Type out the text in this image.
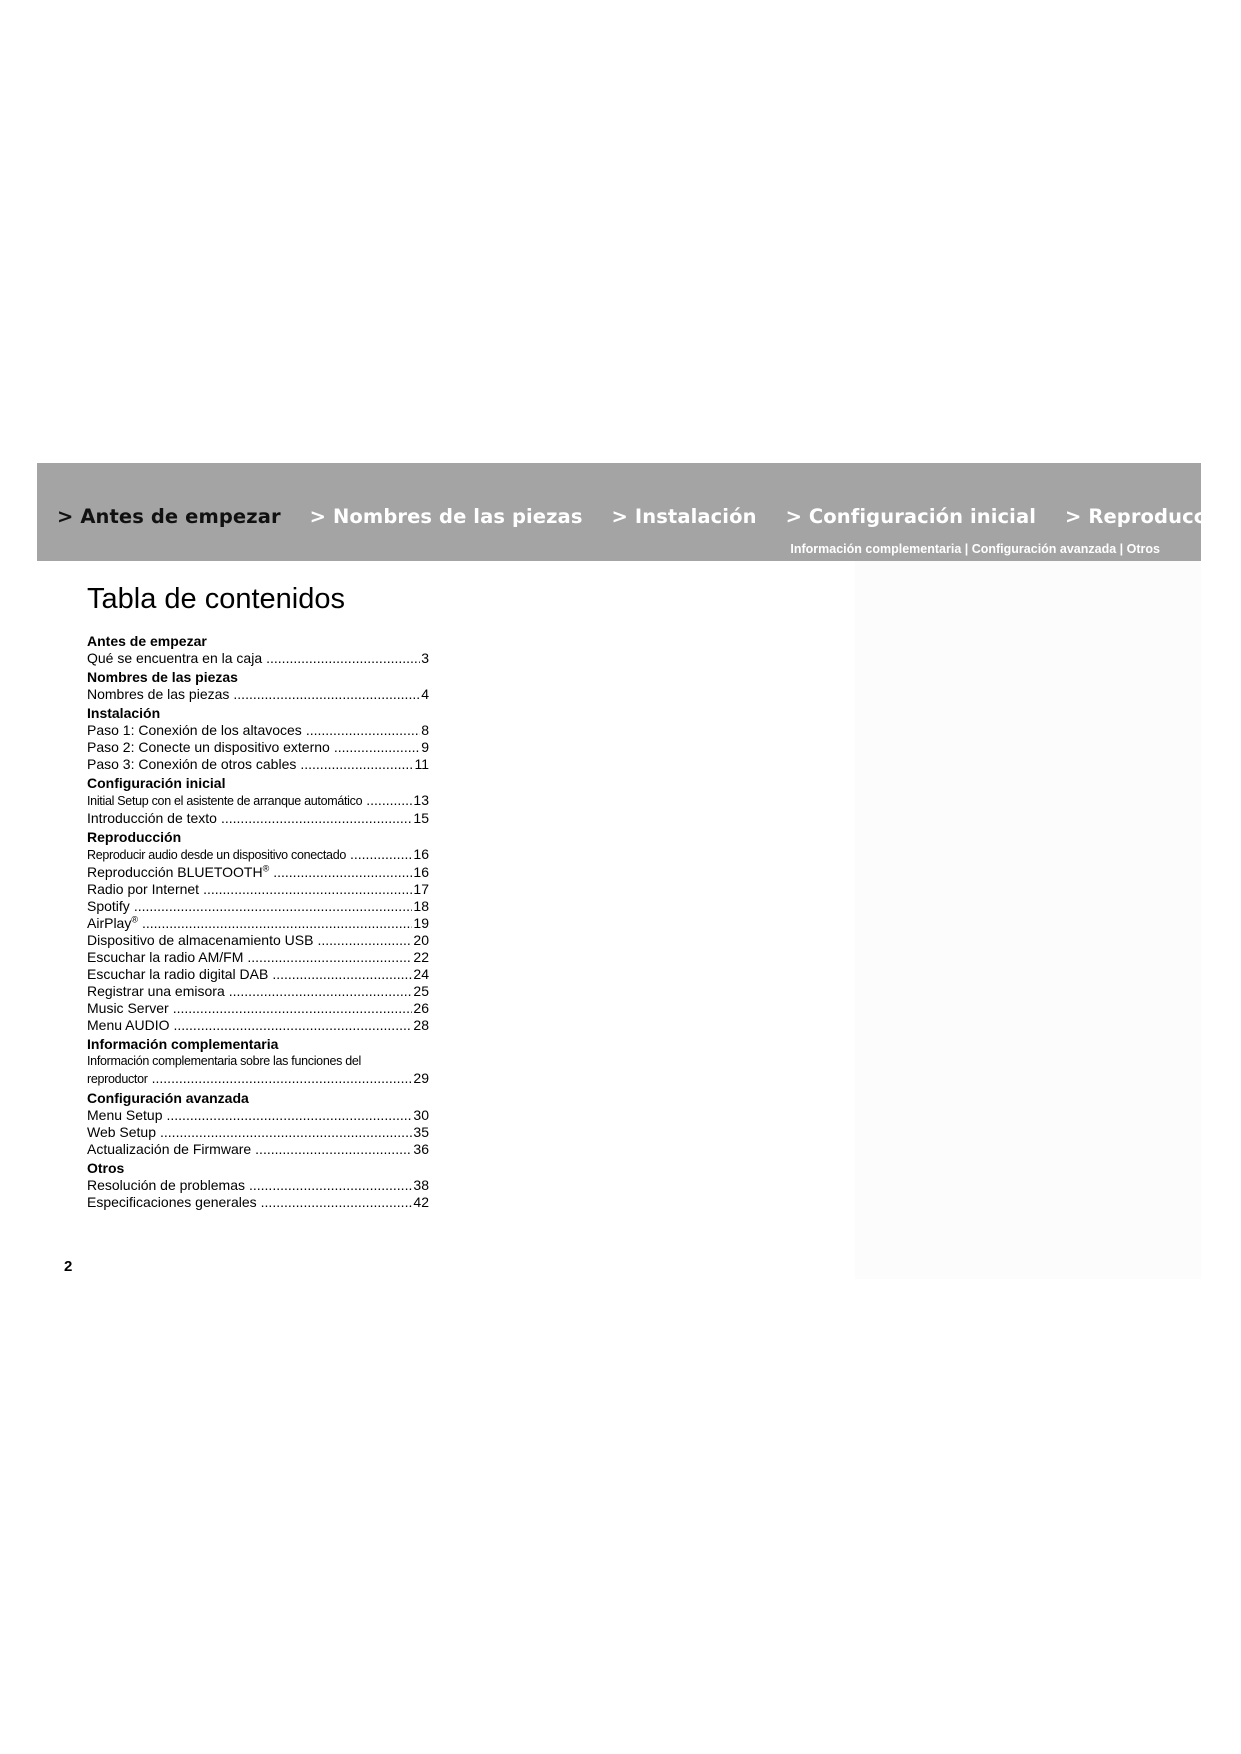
> Antes de empezar > Nombres de las piezas > Instalación > Configuración inicial > Reproducción
Información complementaria | Configuración avanzada | Otros
Tabla de contenidos
Antes de empezar
Qué se encuentra en la caja .....	3
Nombres de las piezas
Nombres de las piezas .....	4
Instalación
Paso 1: Conexión de los altavoces .....	8
Paso 2: Conecte un dispositivo externo .....	9
Paso 3: Conexión de otros cables .....	11
Configuración inicial
Initial Setup con el asistente de arranque automático .....	13
Introducción de texto .....	15
Reproducción
Reproducir audio desde un dispositivo conectado .....	16
Reproducción BLUETOOTH® .....	16
Radio por Internet .....	17
Spotify .....	18
AirPlay® .....	19
Dispositivo de almacenamiento USB .....	20
Escuchar la radio AM/FM .....	22
Escuchar la radio digital DAB .....	24
Registrar una emisora .....	25
Music Server .....	26
Menu AUDIO .....	28
Información complementaria
Información complementaria sobre las funciones del
reproductor .....	29
Configuración avanzada
Menu Setup .....	30
Web Setup .....	35
Actualización de Firmware .....	36
Otros
Resolución de problemas .....	38
Especificaciones generales .....	42
2
